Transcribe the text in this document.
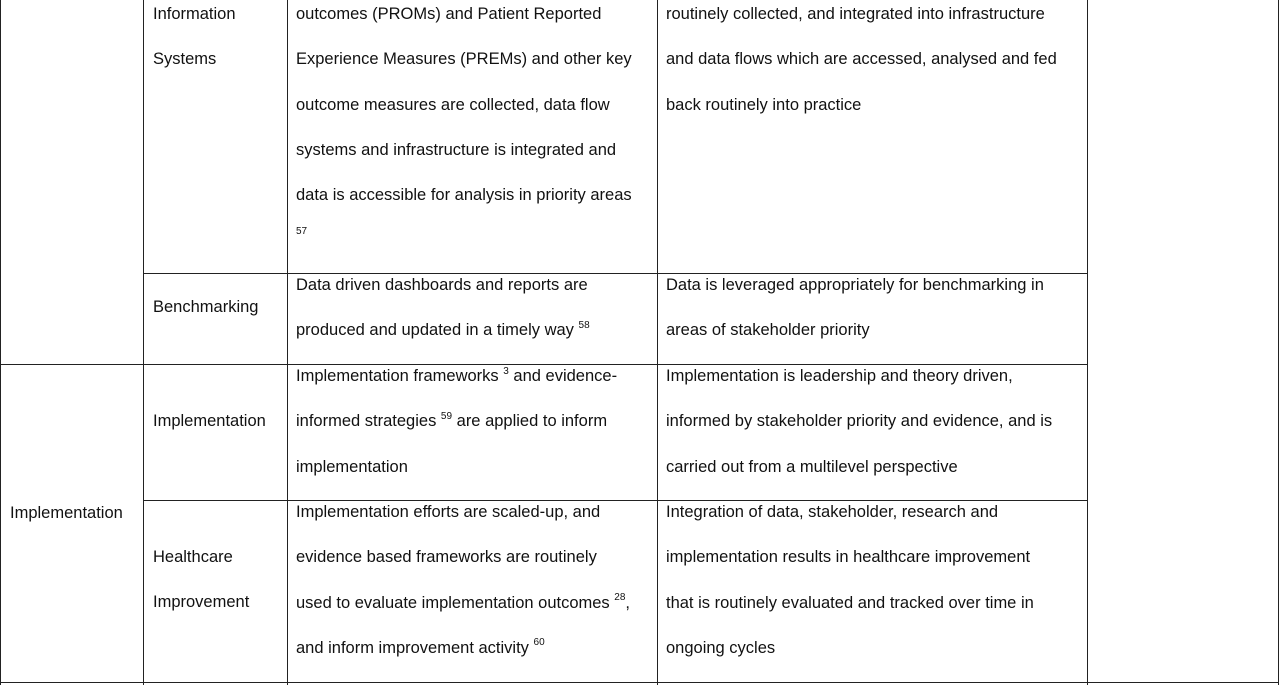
Information
Systems
outcomes (PROMs) and Patient Reported
Experience Measures (PREMs) and other key
outcome measures are collected, data flow
systems and infrastructure is integrated and
data is accessible for analysis in priority areas
57
routinely collected, and integrated into infrastructure
and data flows which are accessed, analysed and fed
back routinely into practice
Benchmarking
Data driven dashboards and reports are
produced and updated in a timely way $^{58}$
Data is leveraged appropriately for benchmarking in
areas of stakeholder priority
Implementation
Implementation
Implementation frameworks $^3$ and evidence-
informed strategies $^{59}$ are applied to inform
implementation
Implementation is leadership and theory driven,
informed by stakeholder priority and evidence, and is
carried out from a multilevel perspective
Healthcare
Improvement
Implementation efforts are scaled-up, and
evidence based frameworks are routinely
used to evaluate implementation outcomes $^{28}$,
and inform improvement activity $^{60}$
Integration of data, stakeholder, research and
implementation results in healthcare improvement
that is routinely evaluated and tracked over time in
ongoing cycles
